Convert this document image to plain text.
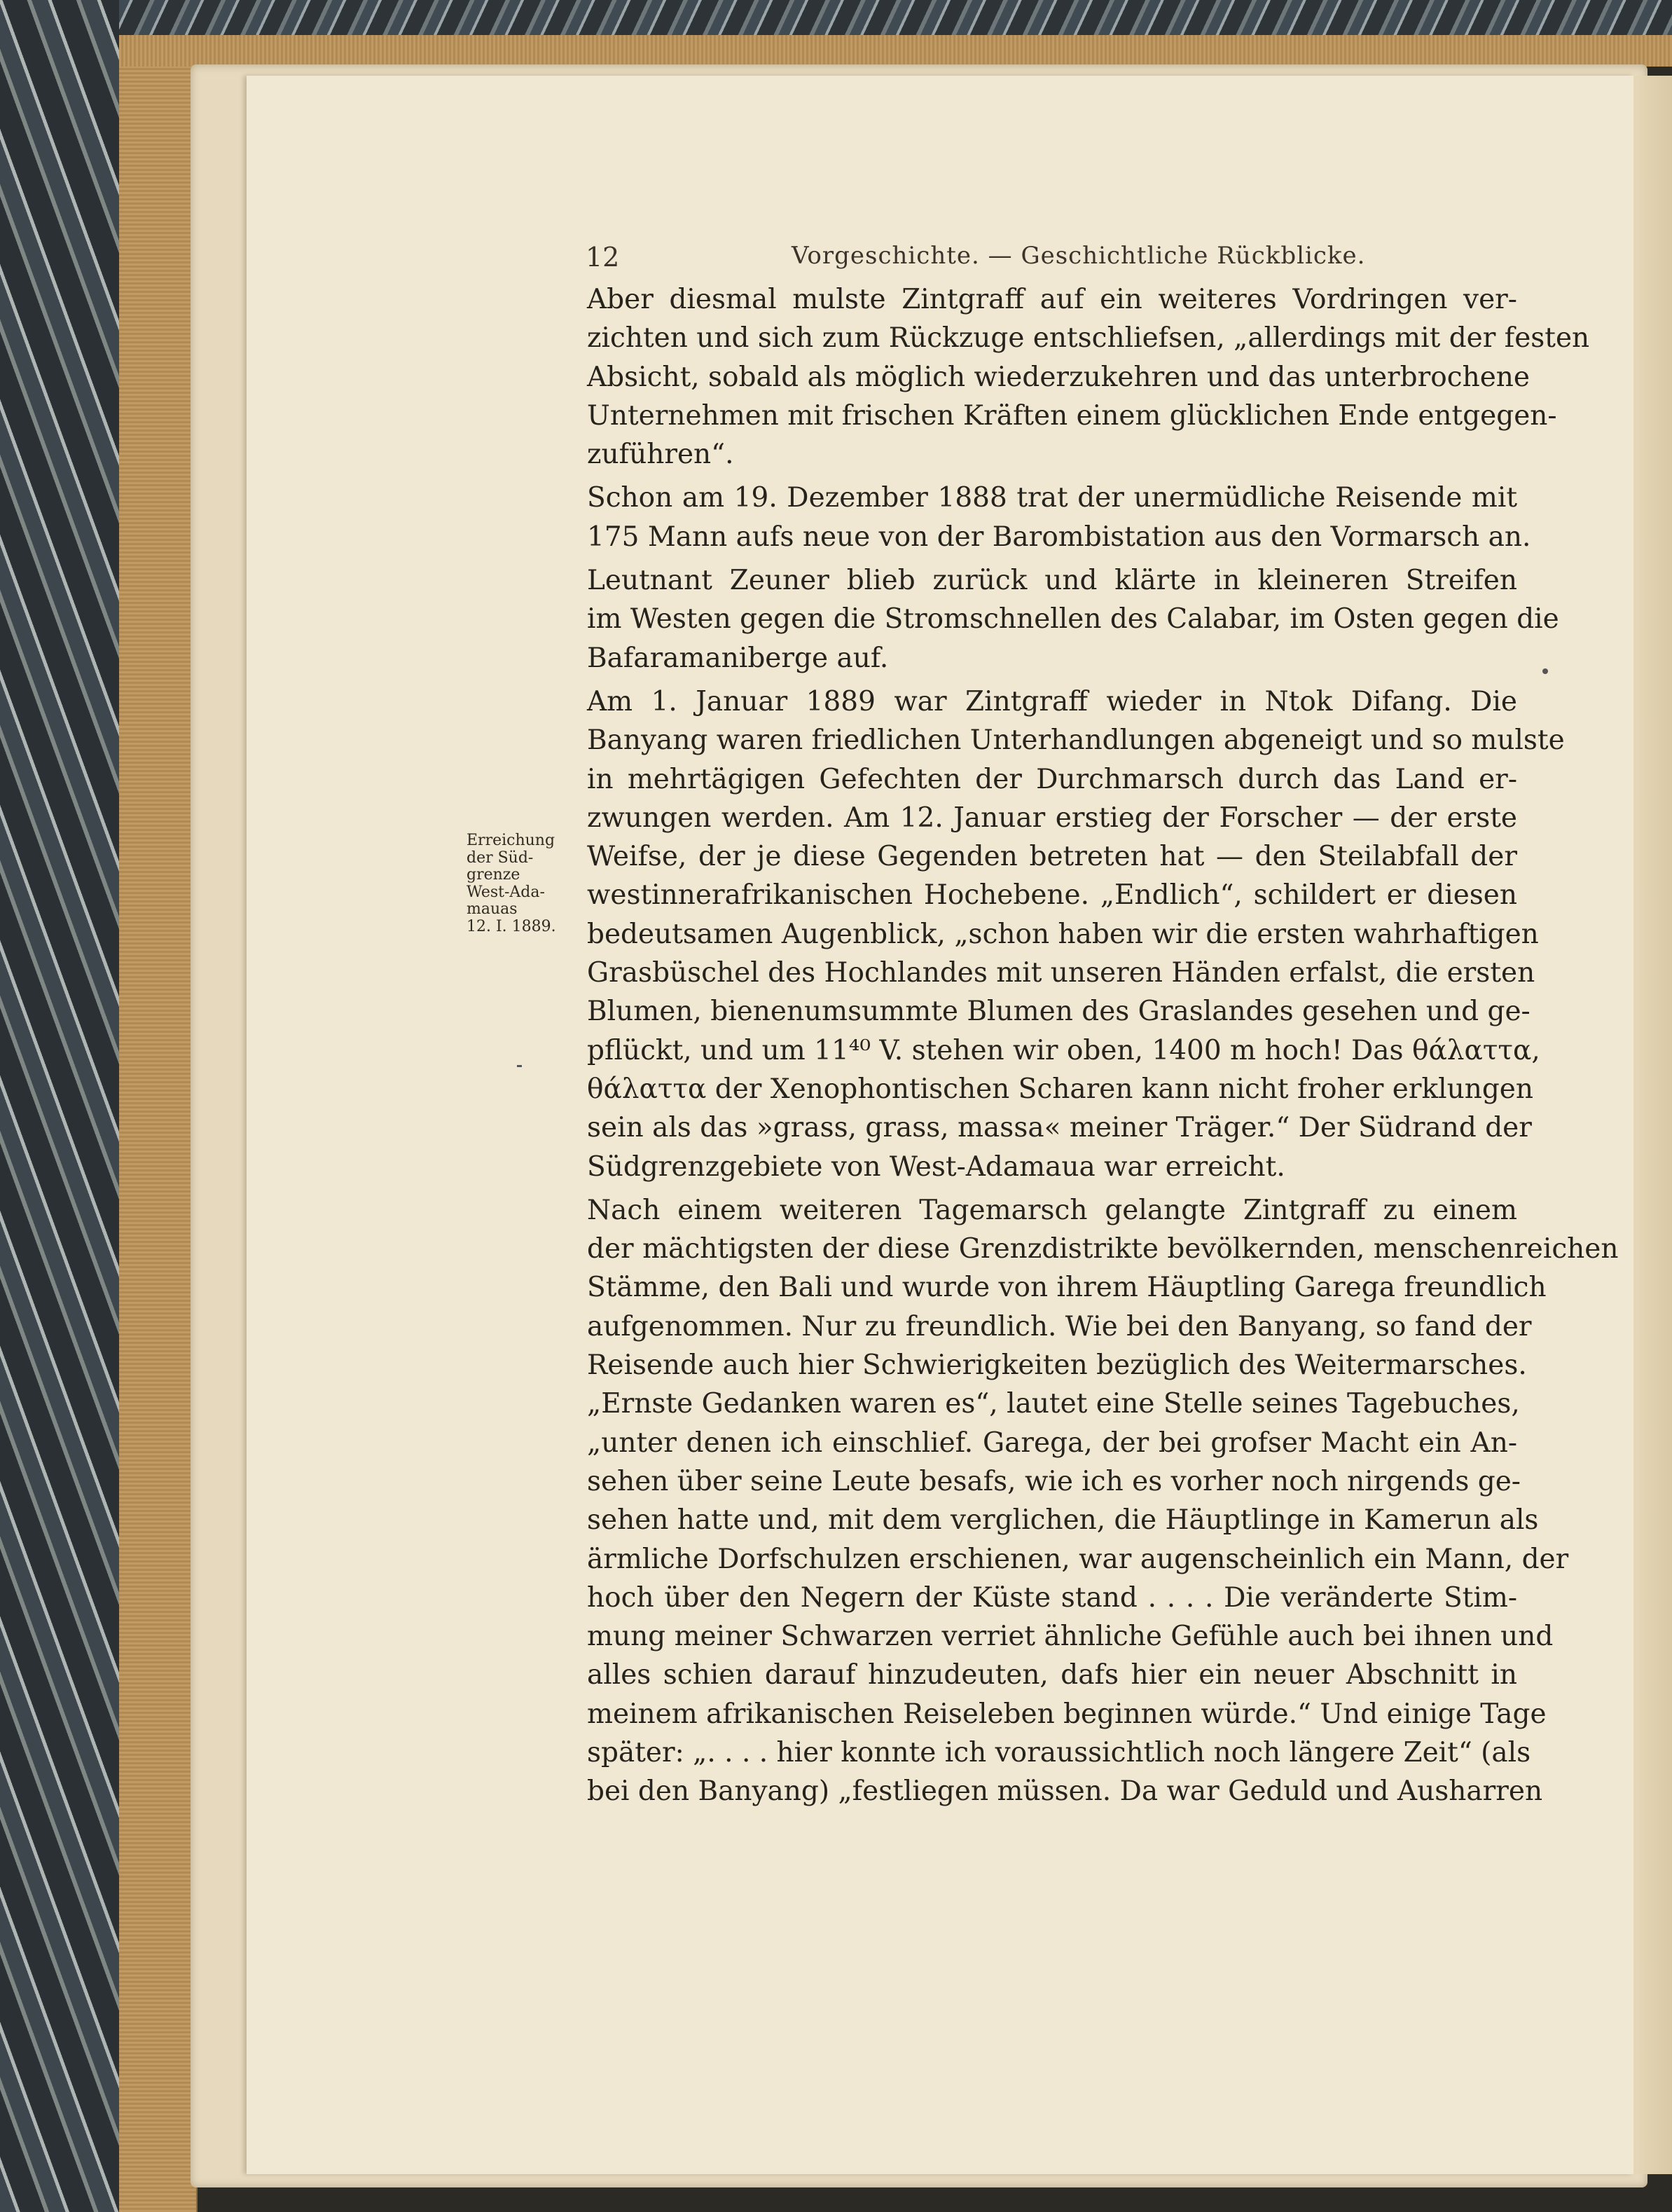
12	Vorgeschichte. — Geschichtliche Rückblicke.
Erreichung
der Süd-
grenze
West-Ada-
mauas
12. I. 1889.
Aber diesmal mulste Zintgraff auf ein weiteres Vordringen ver-
zichten und sich zum Rückzuge entschliefsen, „allerdings mit der festen
Absicht, sobald als möglich wiederzukehren und das unterbrochene
Unternehmen mit frischen Kräften einem glücklichen Ende entgegen-
zuführen“.
Schon am 19. Dezember 1888 trat der unermüdliche Reisende mit
175 Mann aufs neue von der Barombistation aus den Vormarsch an.
Leutnant Zeuner blieb zurück und klärte in kleineren Streifen
im Westen gegen die Stromschnellen des Calabar, im Osten gegen die
Bafaramaniberge auf.
Am 1. Januar 1889 war Zintgraff wieder in Ntok Difang. Die
Banyang waren friedlichen Unterhandlungen abgeneigt und so mulste
in mehrtägigen Gefechten der Durchmarsch durch das Land er-
zwungen werden. Am 12. Januar erstieg der Forscher — der erste
Weifse, der je diese Gegenden betreten hat — den Steilabfall der
westinnerafrikanischen Hochebene. „Endlich“, schildert er diesen
bedeutsamen Augenblick, „schon haben wir die ersten wahrhaftigen
Grasbüschel des Hochlandes mit unseren Händen erfalst, die ersten
Blumen, bienenumsummte Blumen des Graslandes gesehen und ge-
pflückt, und um 11⁴⁰ V. stehen wir oben, 1400 m hoch! Das θάλαττα,
θάλαττα der Xenophontischen Scharen kann nicht froher erklungen
sein als das »grass, grass, massa« meiner Träger.“ Der Südrand der
Südgrenzgebiete von West-Adamaua war erreicht.
Nach einem weiteren Tagemarsch gelangte Zintgraff zu einem
der mächtigsten der diese Grenzdistrikte bevölkernden, menschenreichen
Stämme, den Bali und wurde von ihrem Häuptling Garega freundlich
aufgenommen. Nur zu freundlich. Wie bei den Banyang, so fand der
Reisende auch hier Schwierigkeiten bezüglich des Weitermarsches.
„Ernste Gedanken waren es“, lautet eine Stelle seines Tagebuches,
„unter denen ich einschlief. Garega, der bei grofser Macht ein An-
sehen über seine Leute besafs, wie ich es vorher noch nirgends ge-
sehen hatte und, mit dem verglichen, die Häuptlinge in Kamerun als
ärmliche Dorfschulzen erschienen, war augenscheinlich ein Mann, der
hoch über den Negern der Küste stand . . . . Die veränderte Stim-
mung meiner Schwarzen verriet ähnliche Gefühle auch bei ihnen und
alles schien darauf hinzudeuten, dafs hier ein neuer Abschnitt in
meinem afrikanischen Reiseleben beginnen würde.“ Und einige Tage
später: „. . . . hier konnte ich voraussichtlich noch längere Zeit“ (als
bei den Banyang) „festliegen müssen. Da war Geduld und Ausharren
